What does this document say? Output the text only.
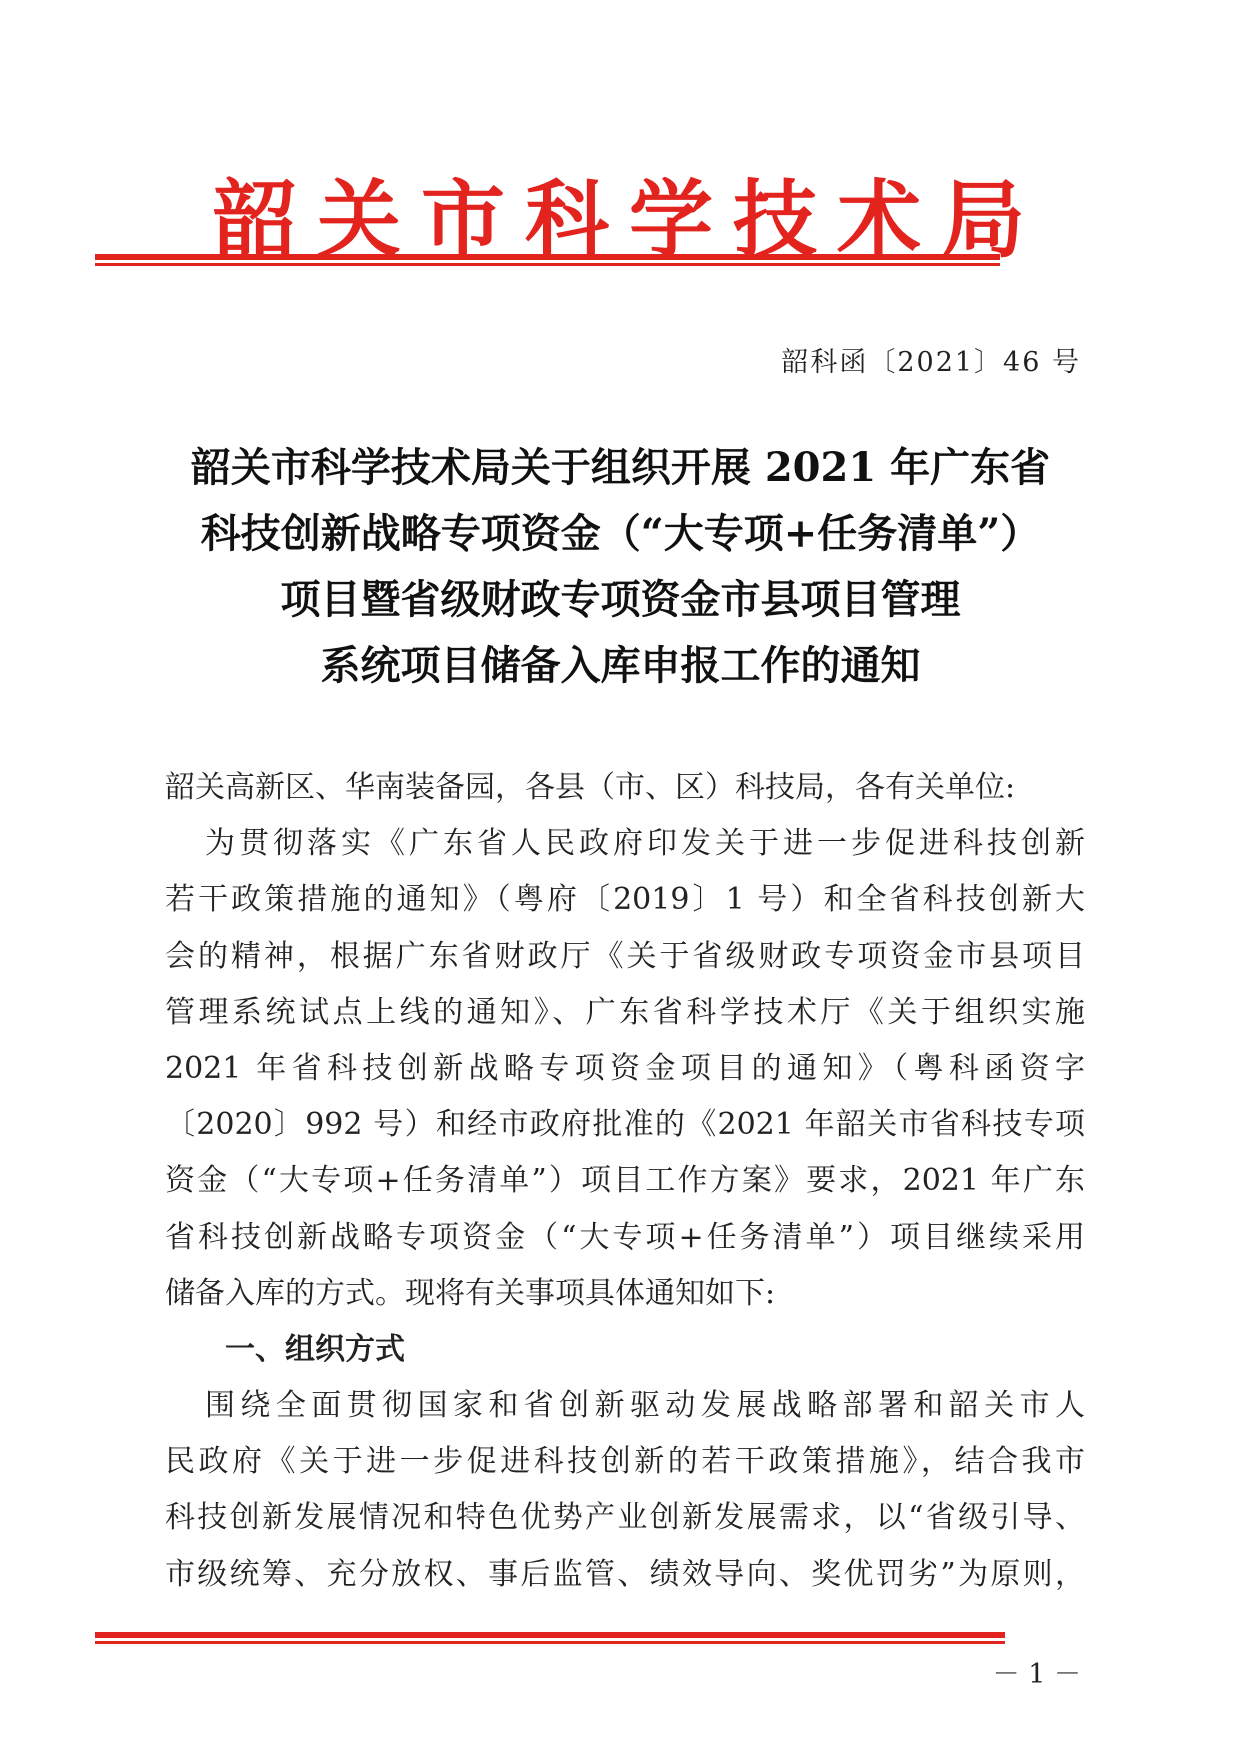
韶关市科学技术局
韶科函〔2021〕46 号
韶关市科学技术局关于组织开展 2021 年广东省
科技创新战略专项资金（“大专项+任务清单”）
项目暨省级财政专项资金市县项目管理
系统项目储备入库申报工作的通知
韶关高新区、华南装备园，各县（市、区）科技局，各有关单位:
为贯彻落实《广东省人民政府印发关于进一步促进科技创新
若干政策措施的通知》（粤府〔2019〕1 号）和全省科技创新大
会的精神，根据广东省财政厅《关于省级财政专项资金市县项目
管理系统试点上线的通知》、广东省科学技术厅《关于组织实施
2021 年省科技创新战略专项资金项目的通知》（粤科函资字
〔2020〕992 号）和经市政府批准的《2021 年韶关市省科技专项
资金（“大专项+任务清单”）项目工作方案》要求，2021 年广东
省科技创新战略专项资金（“大专项+任务清单”）项目继续采用
储备入库的方式。现将有关事项具体通知如下:
一、组织方式
围绕全面贯彻国家和省创新驱动发展战略部署和韶关市人
民政府《关于进一步促进科技创新的若干政策措施》，结合我市
科技创新发展情况和特色优势产业创新发展需求，以“省级引导、
市级统筹、充分放权、事后监管、绩效导向、奖优罚劣”为原则，
－ 1 －
